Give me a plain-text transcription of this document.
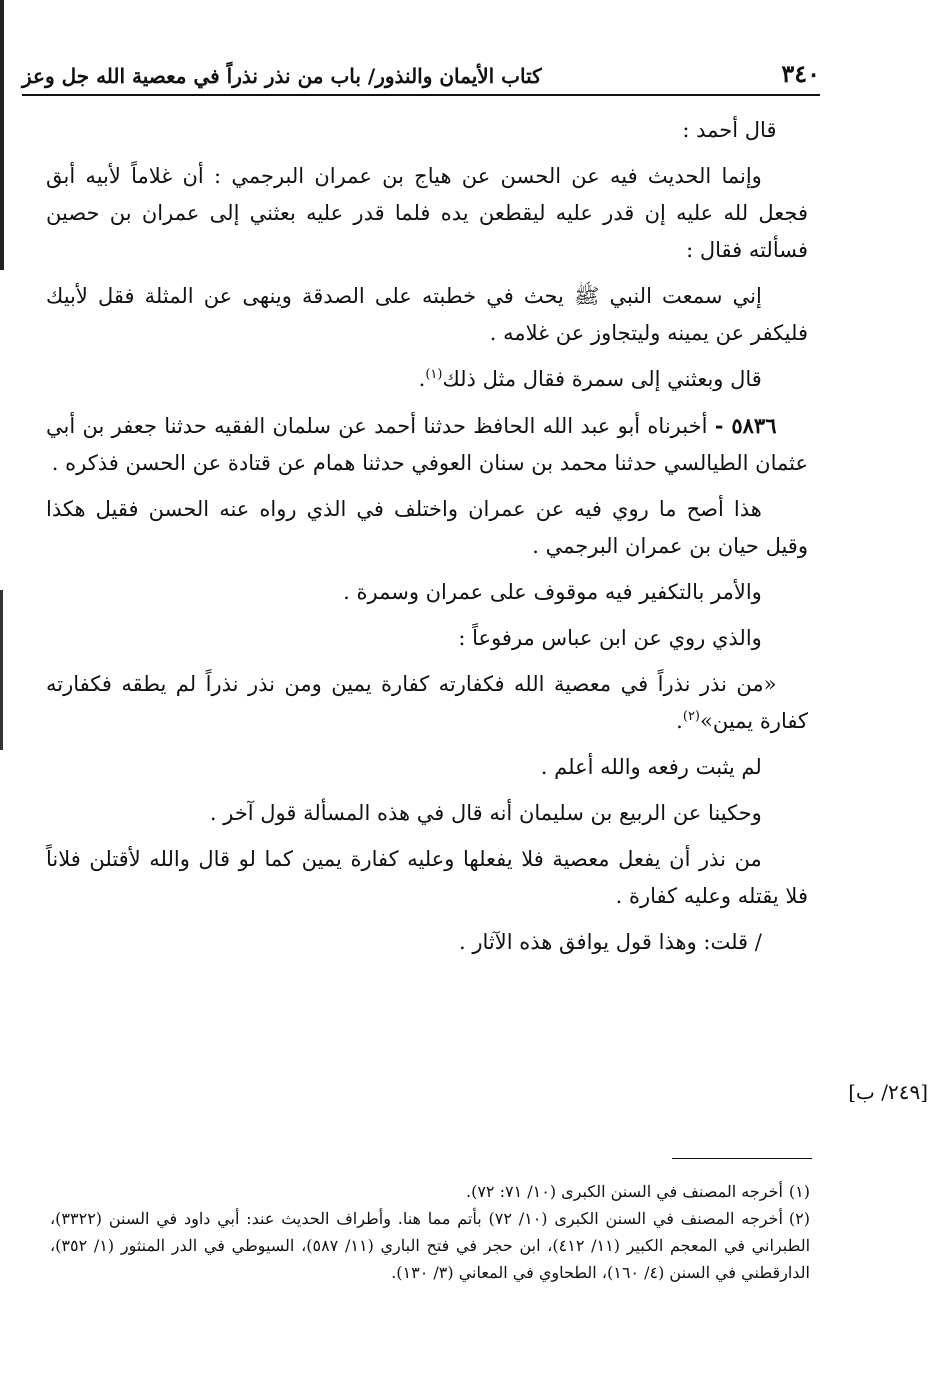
٣٤٠
كتاب الأيمان والنذور/ باب من نذر نذراً في معصية الله جل وعز

قال أحمد :

وإنما الحديث فيه عن الحسن عن هياج بن عمران البرجمي : أن غلاماً لأبيه أبق فجعل لله عليه إن قدر عليه ليقطعن يده فلما قدر عليه بعثني إلى عمران بن حصين فسألته فقال :

إني سمعت النبي ﷺ يحث في خطبته على الصدقة وينهى عن المثلة فقل لأبيك فليكفر عن يمينه وليتجاوز عن غلامه .

قال وبعثني إلى سمرة فقال مثل ذلك$^{(١)}$.

٥٨٣٦ - أخبرناه أبو عبد الله الحافظ حدثنا أحمد عن سلمان الفقيه حدثنا جعفر بن أبي عثمان الطيالسي حدثنا محمد بن سنان العوفي حدثنا همام عن قتادة عن الحسن فذكره .

هذا أصح ما روي فيه عن عمران واختلف في الذي رواه عنه الحسن فقيل هكذا وقيل حيان بن عمران البرجمي .

والأمر بالتكفير فيه موقوف على عمران وسمرة .

والذي روي عن ابن عباس مرفوعاً :

«من نذر نذراً في معصية الله فكفارته كفارة يمين ومن نذر نذراً لم يطقه فكفارته كفارة يمين»$^{(٢)}$.

لم يثبت رفعه والله أعلم .

وحكينا عن الربيع بن سليمان أنه قال في هذه المسألة قول آخر .

من نذر أن يفعل معصية فلا يفعلها وعليه كفارة يمين كما لو قال والله لأقتلن فلاناً فلا يقتله وعليه كفارة .

/ قلت: وهذا قول يوافق هذه الآثار .

[٢٤٩/ ب]

(١)أخرجه المصنف في السنن الكبرى (١٠/ ٧١: ٧٢).

(٢)أخرجه المصنف في السنن الكبرى (١٠/ ٧٢) بأتم مما هنا. وأطراف الحديث عند: أبي داود في السنن (٣٣٢٢)، الطبراني في المعجم الكبير (١١/ ٤١٢)، ابن حجر في فتح الباري (١١/ ٥٨٧)، السيوطي في الدر المنثور (١/ ٣٥٢)، الدارقطني في السنن (٤/ ١٦٠)، الطحاوي في المعاني (٣/ ١٣٠).
